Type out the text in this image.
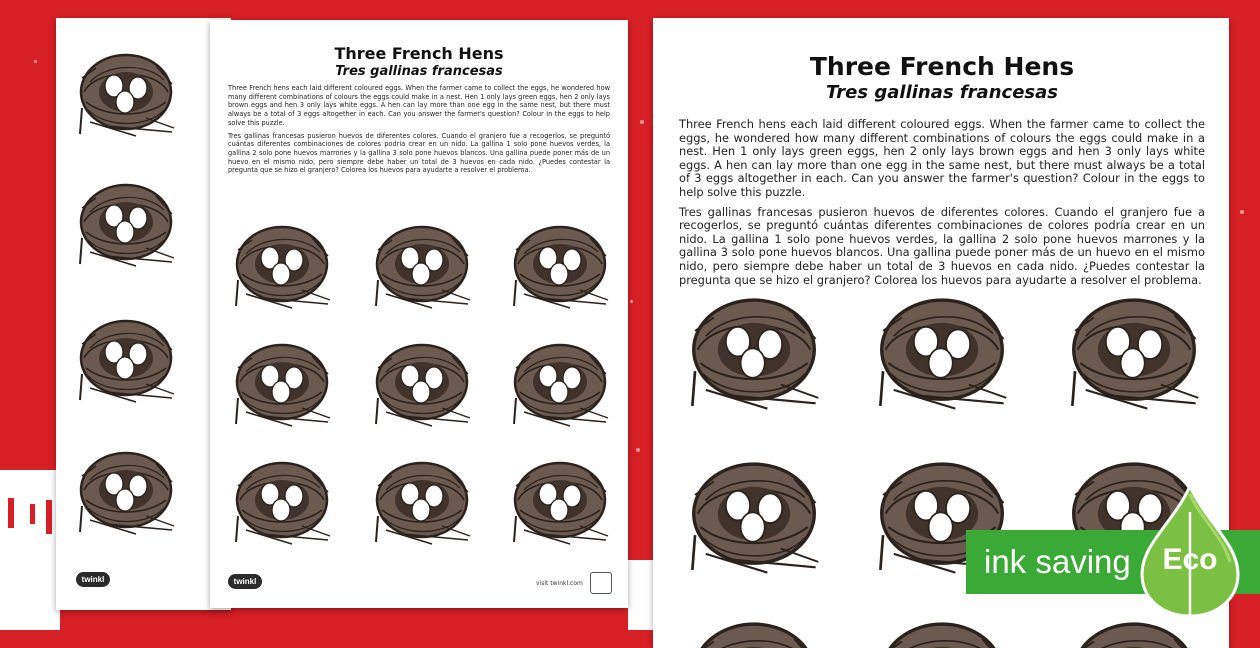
twinkl

Three French Hens

Tres gallinas francesas

Three French hens each laid different coloured eggs. When the farmer came to collect the eggs, he wondered how many different combinations of colours the eggs could make in a nest. Hen 1 only lays green eggs, hen 2 only lays brown eggs and hen 3 only lays white eggs. A hen can lay more than one egg in the same nest, but there must always be a total of 3 eggs altogether in each. Can you answer the farmer's question? Colour in the eggs to help solve this puzzle.

Tres gallinas francesas pusieron huevos de diferentes colores. Cuando el granjero fue a recogerlos, se preguntó cuántas diferentes combinaciones de colores podría crear en un nido. La gallina 1 solo pone huevos verdes, la gallina 2 solo pone huevos marrones y la gallina 3 solo pone huevos blancos. Una gallina puede poner más de un huevo en el mismo nido, pero siempre debe haber un total de 3 huevos en cada nido. ¿Puedes contestar la pregunta que se hizo el granjero? Colorea los huevos para ayudarte a resolver el problema.

twinkl	visit twinkl.com

Three French Hens

Tres gallinas francesas

Three French hens each laid different coloured eggs. When the farmer came to collect the eggs, he wondered how many different combinations of colours the eggs could make in a nest. Hen 1 only lays green eggs, hen 2 only lays brown eggs and hen 3 only lays white eggs. A hen can lay more than one egg in the same nest, but there must always be a total of 3 eggs altogether in each. Can you answer the farmer's question? Colour in the eggs to help solve this puzzle.

Tres gallinas francesas pusieron huevos de diferentes colores. Cuando el granjero fue a recogerlos, se preguntó cuántas diferentes combinaciones de colores podría crear en un nido. La gallina 1 solo pone huevos verdes, la gallina 2 solo pone huevos marrones y la gallina 3 solo pone huevos blancos. Una gallina puede poner más de un huevo en el mismo nido, pero siempre debe haber un total de 3 huevos en cada nido. ¿Puedes contestar la pregunta que se hizo el granjero? Colorea los huevos para ayudarte a resolver el problema.

ink saving	Eco
